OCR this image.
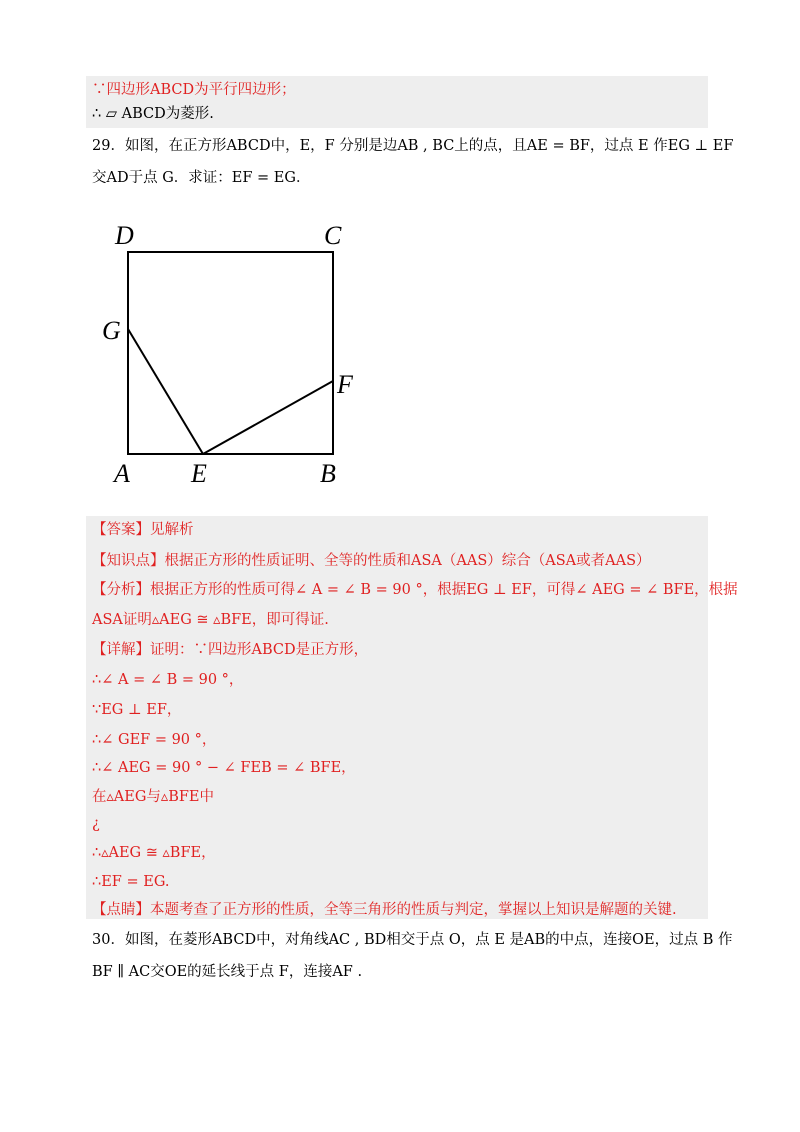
∵四边形ABCD为平行四边形；
∴ ▱ ABCD为菱形.
29．如图，在正方形ABCD中，E，F 分别是边AB , BC上的点，且AE = BF，过点 E 作EG ⊥ EF
交AD于点 G．求证：EF = EG．
D	C
G
F
A E	B
【答案】见解析
【知识点】根据正方形的性质证明、全等的性质和ASA（AAS）综合（ASA或者AAS）
【分析】根据正方形的性质可得∠ A = ∠ B = 90 °，根据EG ⊥ EF，可得∠ AEG = ∠ BFE，根据
ASA证明▵AEG ≅ ▵BFE，即可得证.
【详解】证明：∵四边形ABCD是正方形，
∴∠ A = ∠ B = 90 °，
∵EG ⊥ EF，
∴∠ GEF = 90 °，
∴∠ AEG = 90 ° − ∠ FEB = ∠ BFE，
在▵AEG与▵BFE中
¿
∴▵AEG ≅ ▵BFE，
∴EF = EG.
【点睛】本题考查了正方形的性质，全等三角形的性质与判定，掌握以上知识是解题的关键.
30．如图，在菱形ABCD中，对角线AC , BD相交于点 O，点 E 是AB的中点，连接OE，过点 B 作
BF ∥ AC交OE的延长线于点 F，连接AF .
